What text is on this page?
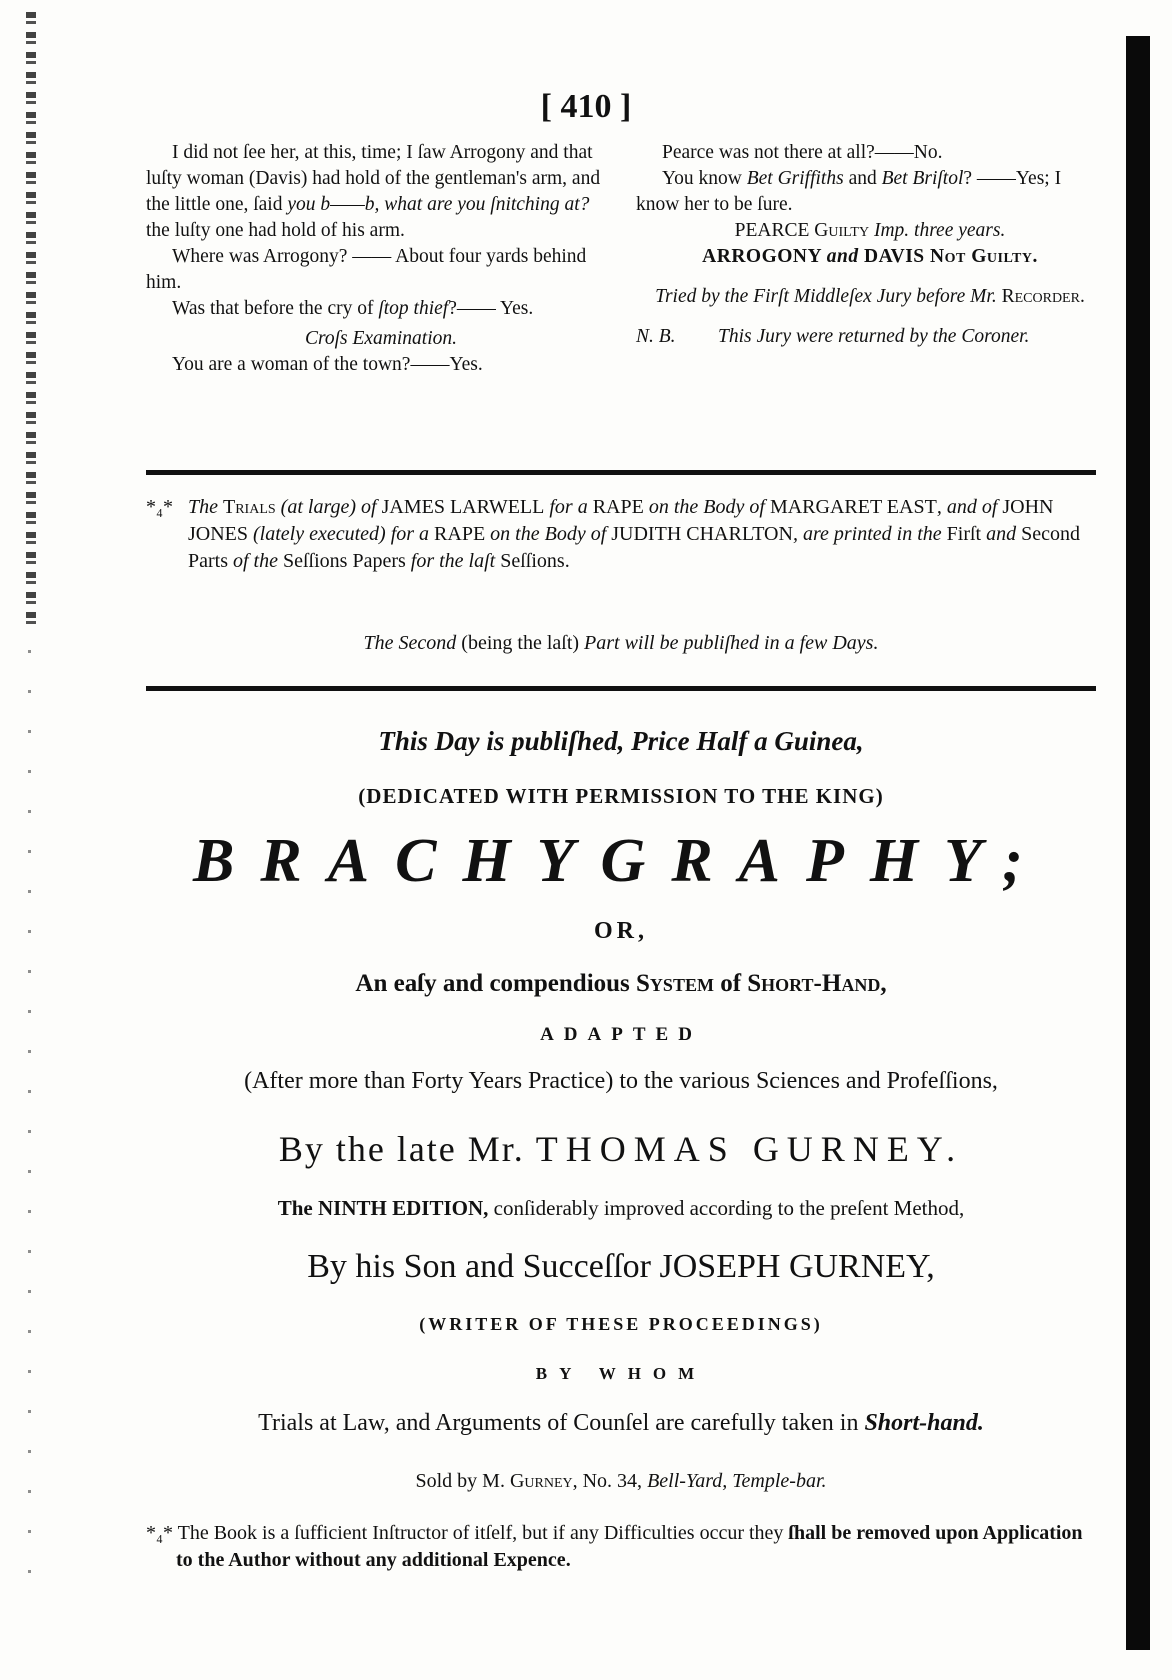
[ 410 ]

I did not ſee her, at this, time; I ſaw Arrogony and that luſty woman (Davis) had hold of the gentleman's arm, and the little one, ſaid you b——b, what are you ſnitching at? the luſty one had hold of his arm.

Where was Arrogony? —— About four yards behind him.

Was that before the cry of ſtop thief?—— Yes.

Croſs Examination.

You are a woman of the town?——Yes.

Pearce was not there at all?——No.

You know Bet Griffiths and Bet Briſtol? ——Yes; I know her to be ſure.

PEARCE Guilty Imp. three years.

ARROGONY and DAVIS Not Guilty.

Tried by the Firſt Middleſex Jury before Mr. Recorder.

N. B. This Jury were returned by the Coroner.

*₄* The Trials (at large) of JAMES LARWELL for a RAPE on the Body of MARGARET EAST, and of JOHN JONES (lately executed) for a RAPE on the Body of JUDITH CHARLTON, are printed in the Firſt and Second Parts of the Seſſions Papers for the laſt Seſſions.

The Second (being the laſt) Part will be publiſhed in a few Days.
This Day is publiſhed, Price Half a Guinea,
(DEDICATED WITH PERMISSION TO THE KING)
BRACHYGRAPHY;
OR,
An eaſy and compendious System of Short-Hand,
ADAPTED
(After more than Forty Years Practice) to the various Sciences and Profeſſions,
By the late Mr. THOMAS GURNEY.
The NINTH EDITION, conſiderably improved according to the preſent Method,
By his Son and Succeſſor JOSEPH GURNEY,
(WRITER OF THESE PROCEEDINGS)
BY WHOM
Trials at Law, and Arguments of Counſel are carefully taken in Short-hand.
Sold by M. Gurney, No. 34, Bell-Yard, Temple-bar.

*₄* The Book is a ſufficient Inſtructor of itſelf, but if any Difficulties occur they ſhall be removed upon Application to the Author without any additional Expence.
